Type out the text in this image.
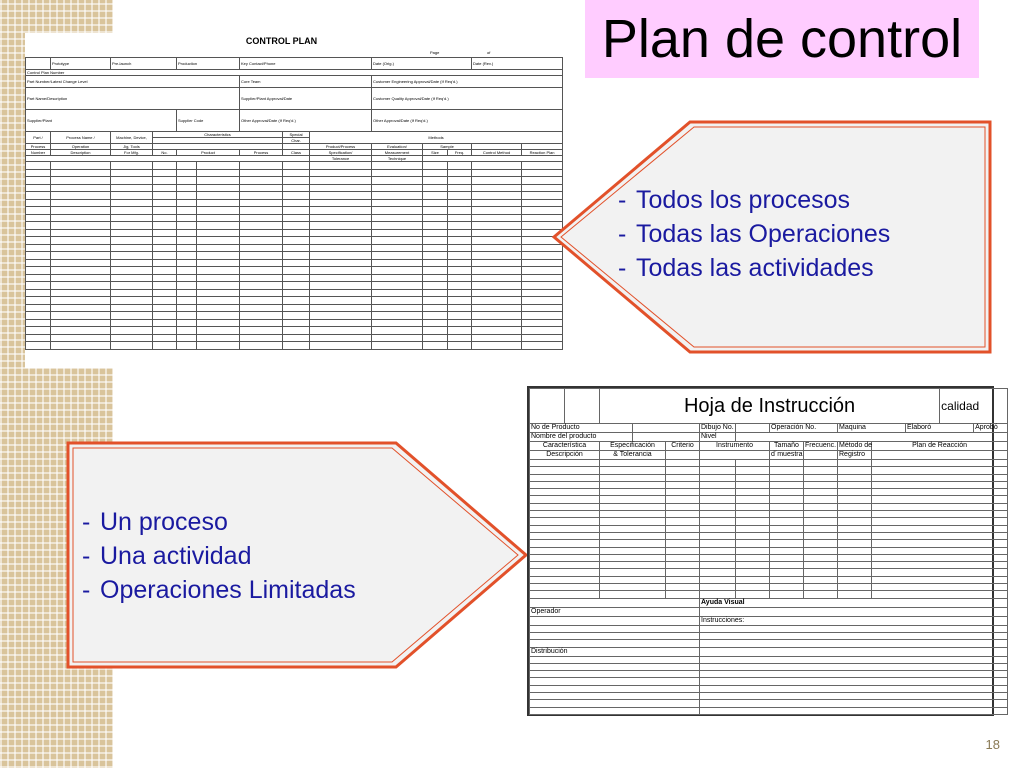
Plan de control
CONTROL PLAN
Page	of
	Prototype	Pre-launch		Production		Key Contact/Phone			Date (Orig.)			Date (Rev.)	
Control Plan Number													
Part Number/Latest Change Level						Core Team			Customer Engineering Approval/Date (If Req'd.)				
Part Name/Description						Supplier/Plant Approval/Date			Customer Quality Approval/Date (If Req'd.)				
Supplier/Plant				Supplier Code		Other Approval/Date (If Req'd.)			Other Approval/Date (If Req'd.)				
Part /	Process Name /	Machine, Device,	Characteristics				Special	Methods					
							Char.						
Process	Operation	Jig, Tools						Product/Process	Evaluation/	Sample			
Number	Description	For Mfg.	No.	Product		Process	Class	Specification/	Measurement	Size	Freq.	Control Method	Reaction Plan
								Tolerance	Technique				

- Todos los procesos
- Todas las Operaciones
- Todas las actividades
- Un proceso
- Una actividad
- Operaciones Limitadas
		Hoja de Instrucción										calidad	
No de Producto					Dibujo No.		Operación No.		Maquina		Elaboró		Aprobó
Nombre del producto					Nivel								
Característica		Especificación		Criterio	Instrumento		Tamaño	Frecuenc.	Método de	Plan de Reacción			
Descripción		& Tolerancia					d´muestra		Registro				

					Ayuda Visual								
Operador													
					Instrucciones:								

Distribución													

18
